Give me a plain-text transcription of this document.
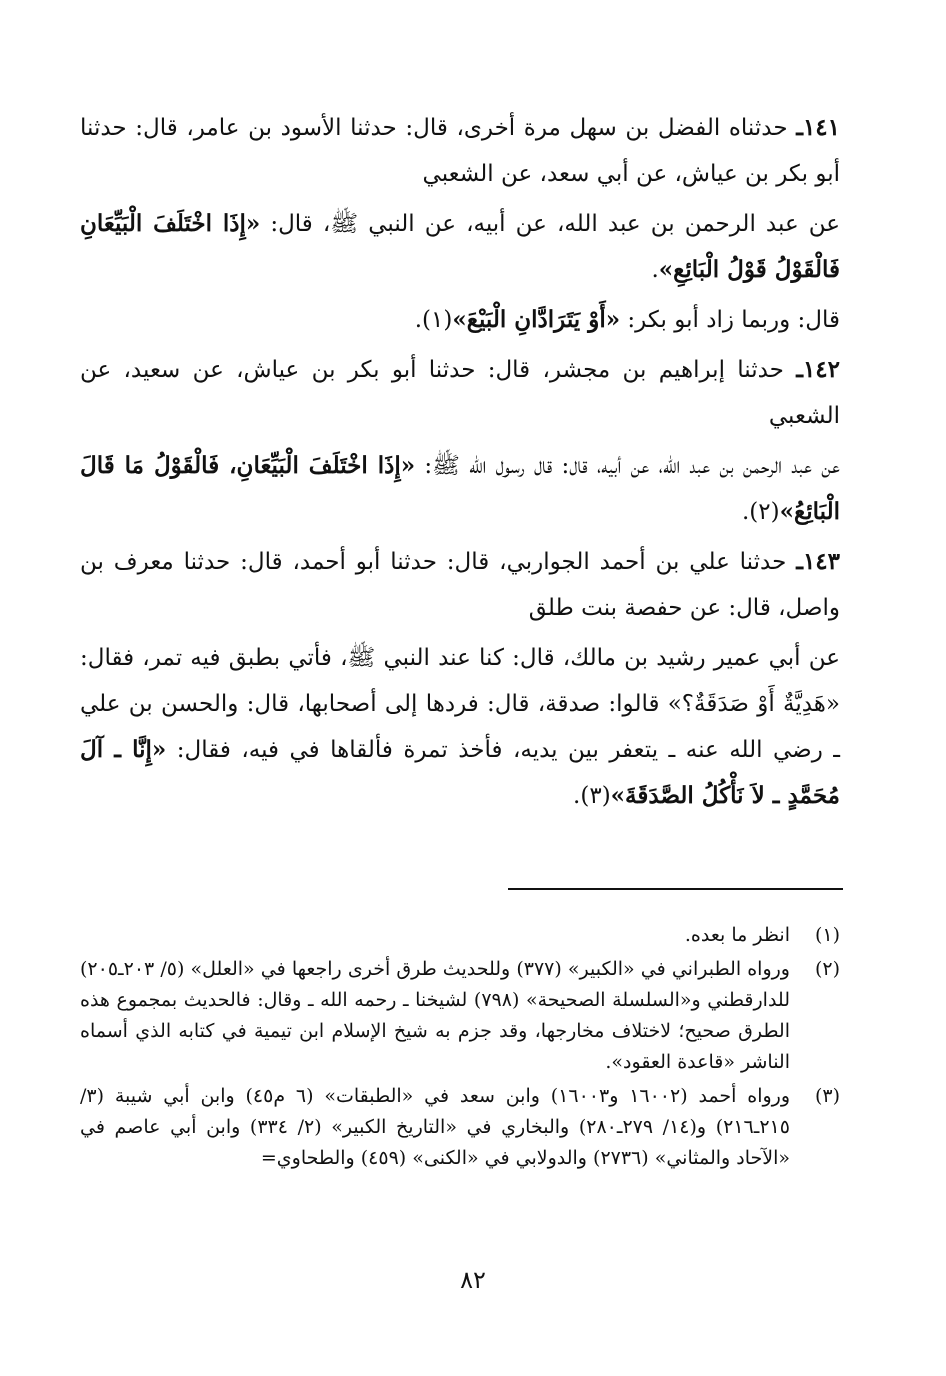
١٤١ـ حدثناه الفضل بن سهل مرة أخرى، قال: حدثنا الأسود بن عامر، قال: حدثنا أبو بكر بن عياش، عن أبي سعد، عن الشعبي

عن عبد الرحمن بن عبد الله، عن أبيه، عن النبي ﷺ، قال: «إِذَا اخْتَلَفَ الْبَيِّعَانِ فَالْقَوْلُ قَوْلُ الْبَائِعِ».

قال: وربما زاد أبو بكر: «أَوْ يَتَرَادَّانِ الْبَيْعَ»(١).

١٤٢ـ حدثنا إبراهيم بن مجشر، قال: حدثنا أبو بكر بن عياش، عن سعيد، عن الشعبي

عن عبد الرحمن بن عبد الله، عن أبيه، قال: قال رسول الله ﷺ: «إِذَا اخْتَلَفَ الْبَيِّعَانِ، فَالْقَوْلُ مَا قَالَ الْبَائِعُ»(٢).

١٤٣ـ حدثنا علي بن أحمد الجواربي، قال: حدثنا أبو أحمد، قال: حدثنا معرف بن واصل، قال: عن حفصة بنت طلق

عن أبي عمير رشيد بن مالك، قال: كنا عند النبي ﷺ، فأتي بطبق فيه تمر، فقال: «هَدِيَّةٌ أَوْ صَدَقَةٌ؟» قالوا: صدقة، قال: فردها إلى أصحابها، قال: والحسن بن علي ـ رضي الله عنه ـ يتعفر بين يديه، فأخذ تمرة فألقاها في فيه، فقال: «إِنَّا ـ آلَ مُحَمَّدٍ ـ لاَ نَأْكُلُ الصَّدَقَةَ»(٣).

(١)
انظر ما بعده.
(٢)
ورواه الطبراني في «الكبير» (٣٧٧) وللحديث طرق أخرى راجعها في «العلل» (٥/ ٢٠٣ـ٢٠٥) للدارقطني و«السلسلة الصحيحة» (٧٩٨) لشيخنا ـ رحمه الله ـ وقال: فالحديث بمجموع هذه الطرق صحيح؛ لاختلاف مخارجها، وقد جزم به شيخ الإسلام ابن تيمية في كتابه الذي أسماه الناشر «قاعدة العقود».
(٣)
ورواه أحمد (١٦٠٠٢ و١٦٠٠٣) وابن سعد في «الطبقات» (٦ م٤٥) وابن أبي شيبة (٣/ ٢١٥ـ٢١٦) و(١٤/ ٢٧٩ـ٢٨٠) والبخاري في «التاريخ الكبير» (٢/ ٣٣٤) وابن أبي عاصم في «الآحاد والمثاني» (٢٧٣٦) والدولابي في «الكنى» (٤٥٩) والطحاوي=
٨٢
